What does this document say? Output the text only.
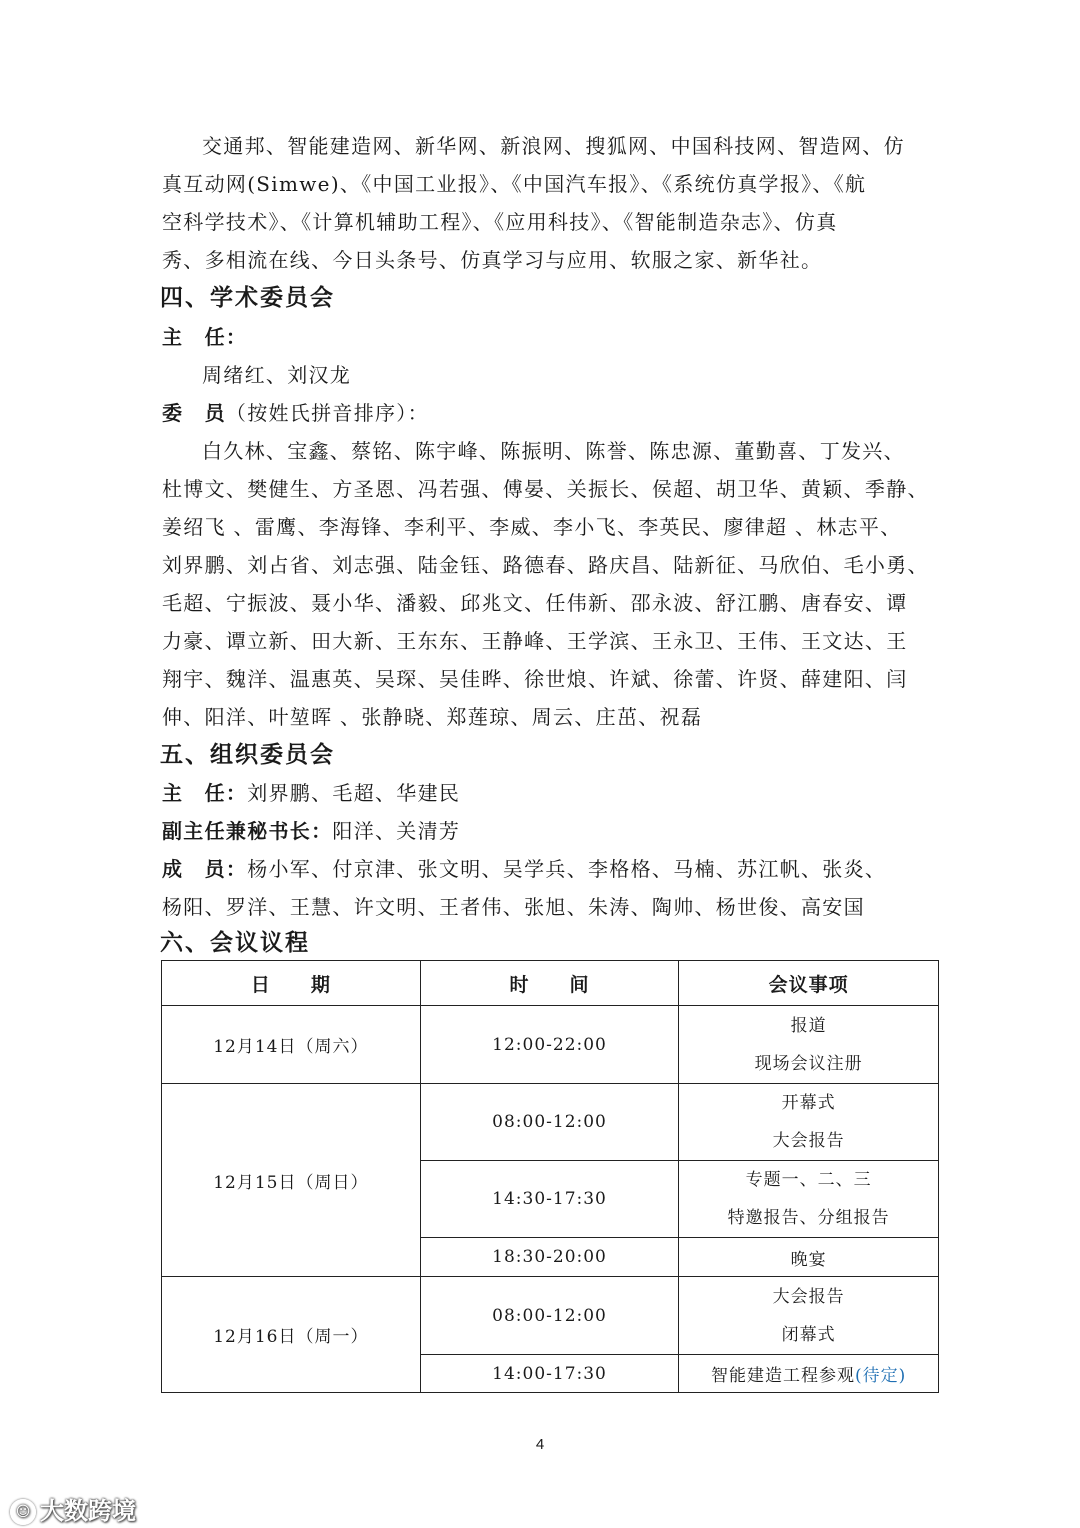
交通邦、智能建造网、新华网、新浪网、搜狐网、中国科技网、智造网、仿
真互动网(Simwe)、《中国工业报》、《中国汽车报》、《系统仿真学报》、《航
空科学技术》、《计算机辅助工程》、《应用科技》、《智能制造杂志》、仿真
秀、多相流在线、今日头条号、仿真学习与应用、软服之家、新华社。
四、学术委员会
主　任：
周绪红、刘汉龙
委　员（按姓氏拼音排序）：
白久林、宝鑫、蔡铭、陈宇峰、陈振明、陈誉、陈忠源、董勤喜、丁发兴、
杜博文、樊健生、方圣恩、冯若强、傅晏、关振长、侯超、胡卫华、黄颖、季静、
姜绍飞 、雷鹰、李海锋、李利平、李威、李小飞、李英民、廖律超 、林志平、
刘界鹏、刘占省、刘志强、陆金钰、路德春、路庆昌、陆新征、马欣伯、毛小勇、
毛超、宁振波、聂小华、潘毅、邱兆文、任伟新、邵永波、舒江鹏、唐春安、谭
力豪、谭立新、田大新、王东东、王静峰、王学滨、王永卫、王伟、王文达、王
翔宇、魏洋、温惠英、吴琛、吴佳晔、徐世烺、许斌、徐蕾、许贤、薛建阳、闫
伸、阳洋、叶堃晖 、张静晓、郑莲琼、周云、庄茁、祝磊
五、组织委员会
主　任：刘界鹏、毛超、华建民
副主任兼秘书长：阳洋、关清芳
成　员：杨小军、付京津、张文明、吴学兵、李格格、马楠、苏江帆、张炎、
杨阳、罗洋、王慧、许文明、王者伟、张旭、朱涛、陶帅、杨世俊、高安国
六、会议议程
日　　期	时　　间	会议事项
12月14日（周六）	12:00-22:00	报道
现场会议注册

12月15日（周日）	08:00-12:00	开幕式
大会报告

	14:30-17:30	专题一、二、三
特邀报告、分组报告

	18:30-20:00	晚宴
12月16日（周一）	08:00-12:00	大会报告
闭幕式

	14:00-17:30	智能建造工程参观(待定)
4
☺ 大数跨境
